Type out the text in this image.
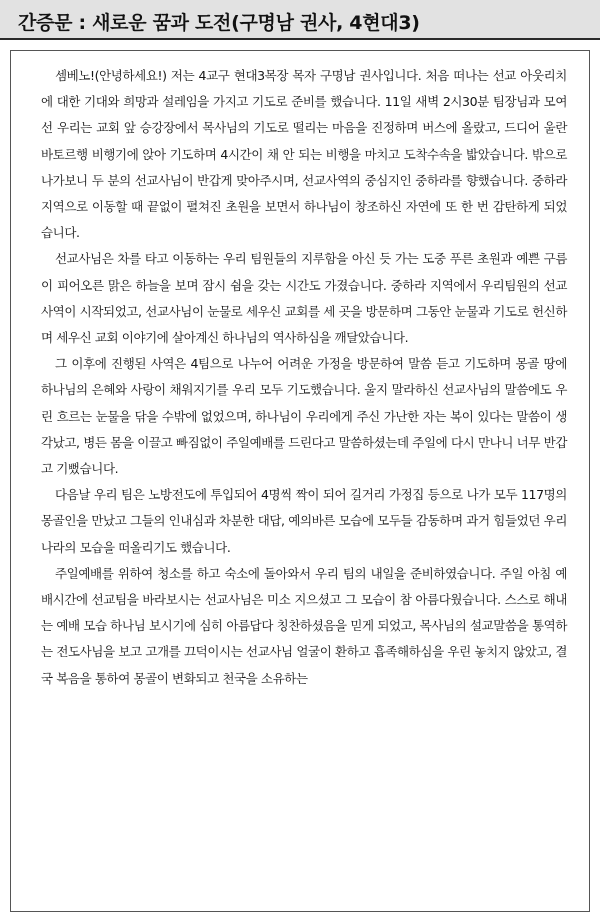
간증문 : 새로운 꿈과 도전(구명남 권사, 4현대3)

셈베노!(안녕하세요!) 저는 4교구 현대3목장 목자 구명남 권사입니다. 처음 떠나는 선교 아웃리치에 대한 기대와 희망과 설레임을 가지고 기도로 준비를 했습니다. 11일 새벽 2시30분 팀장님과 모여선 우리는 교회 앞 승강장에서 목사님의 기도로 떨리는 마음을 진정하며 버스에 올랐고, 드디어 울란바토르행 비행기에 앉아 기도하며 4시간이 채 안 되는 비행을 마치고 도착수속을 밟았습니다. 밖으로 나가보니 두 분의 선교사님이 반갑게 맞아주시며, 선교사역의 중심지인 중하라를 향했습니다. 중하라 지역으로 이동할 때 끝없이 펼쳐진 초원을 보면서 하나님이 창조하신 자연에 또 한 번 감탄하게 되었습니다.

선교사님은 차를 타고 이동하는 우리 팀원들의 지루함을 아신 듯 가는 도중 푸른 초원과 예쁜 구름이 피어오른 맑은 하늘을 보며 잠시 쉼을 갖는 시간도 가졌습니다. 중하라 지역에서 우리팀원의 선교사역이 시작되었고, 선교사님이 눈물로 세우신 교회를 세 곳을 방문하며 그동안 눈물과 기도로 헌신하며 세우신 교회 이야기에 살아계신 하나님의 역사하심을 깨달았습니다.

그 이후에 진행된 사역은 4팀으로 나누어 어려운 가정을 방문하여 말씀 듣고 기도하며 몽골 땅에 하나님의 은혜와 사랑이 채워지기를 우리 모두 기도했습니다. 울지 말라하신 선교사님의 말씀에도 우린 흐르는 눈물을 닦을 수밖에 없었으며, 하나님이 우리에게 주신 가난한 자는 복이 있다는 말씀이 생각났고, 병든 몸을 이끌고 빠짐없이 주일예배를 드린다고 말씀하셨는데 주일에 다시 만나니 너무 반갑고 기뻤습니다.

다음날 우리 팀은 노방전도에 투입되어 4명씩 짝이 되어 길거리 가정집 등으로 나가 모두 117명의 몽골인을 만났고 그들의 인내심과 차분한 대답, 예의바른 모습에 모두들 감동하며 과거 힘들었던 우리나라의 모습을 떠올리기도 했습니다.

주일예배를 위하여 청소를 하고 숙소에 돌아와서 우리 팀의 내일을 준비하였습니다. 주일 아침 예배시간에 선교팀을 바라보시는 선교사님은 미소 지으셨고 그 모습이 참 아름다웠습니다. 스스로 해내는 예배 모습 하나님 보시기에 심히 아름답다 칭찬하셨음을 믿게 되었고, 목사님의 설교말씀을 통역하는 전도사님을 보고 고개를 끄덕이시는 선교사님 얼굴이 환하고 흡족해하심을 우린 놓치지 않았고, 결국 복음을 통하여 몽골이 변화되고 천국을 소유하는
